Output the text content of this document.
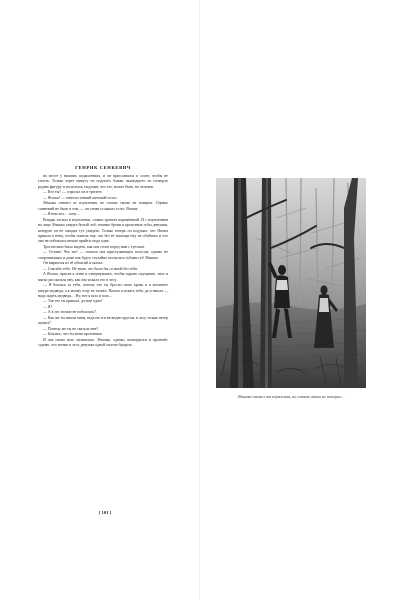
ГЕНРИК СЕНКЕВИЧ

на месте у нижних подколениях, и он присолнился к сосне, чтобы не упасть. Только через минуту он подошёл ближе, вышедшего из стоящую родню фигуру и испугался, подумав, что это, может быть, не человек.

— Кто ты? — спросил он в трепете.

— Ягоша! — ответил тонкий женский голос.

Збышко онемел от изумления, но глазам своим не поверил. Однако сомнений не было в том, — он снова услышал голос Ягоши:

— Я вам хоч… хочу…

Рыцарь застыл в изумлении, словно громом поражённый. И с изумлением на лице Збышко увидел белый лоб, темные брови и крохотные губы девушки, которую он не ожидал тут увидеть. Только теперь он подумал, что Ягоша пришла к нему, чтобы помочь ему, что без её помощи ему не обойтись и что она не побоялась ночью прийти сюда одна.

Трогательно было видеть, как она стоит перед ним с туеском.

— Оставь! Что ты? — сказала она приступающим голосом, однако не сопротивляясь и даже как будто случайно коснулась губами губ Збышко.

Он вырвался из её объятий и сказал:

— Спасибо тебе. Не знаю, что было бы со мной без тебя.

А Ягоша, присев к огню и отвернувшись, чтобы скрыть смущение, тихо и мягко рассказала ему, как она искала его в лесу.

— Я боялась за тебя, потому что ты бросил свою кровь и в мохнатое шкуре медведя, а к моему отцу не пошёл. Пошла я искать тебя, да и нашла — надо ждать медведя… Ну, вот я шла и шла…

— Так это ты пришла, да ещё одна?

— Я!

— А в лес ночью не побоялась?

— Как же ты нашла меня, ведь ни зги не видно кругом, в лесу только ветер шумит?

— Почему же ты не сказала мне?

— Боялась, что ты меня прогонишь.

И она снова тихо засмеялась. Збышко, однако, нахмурился и произнёс сурово, что ночью в лесу девушке одной опасно бродить.

[ 101 ]
Збышко онемел от изумления, но глазам своим не поверил…
